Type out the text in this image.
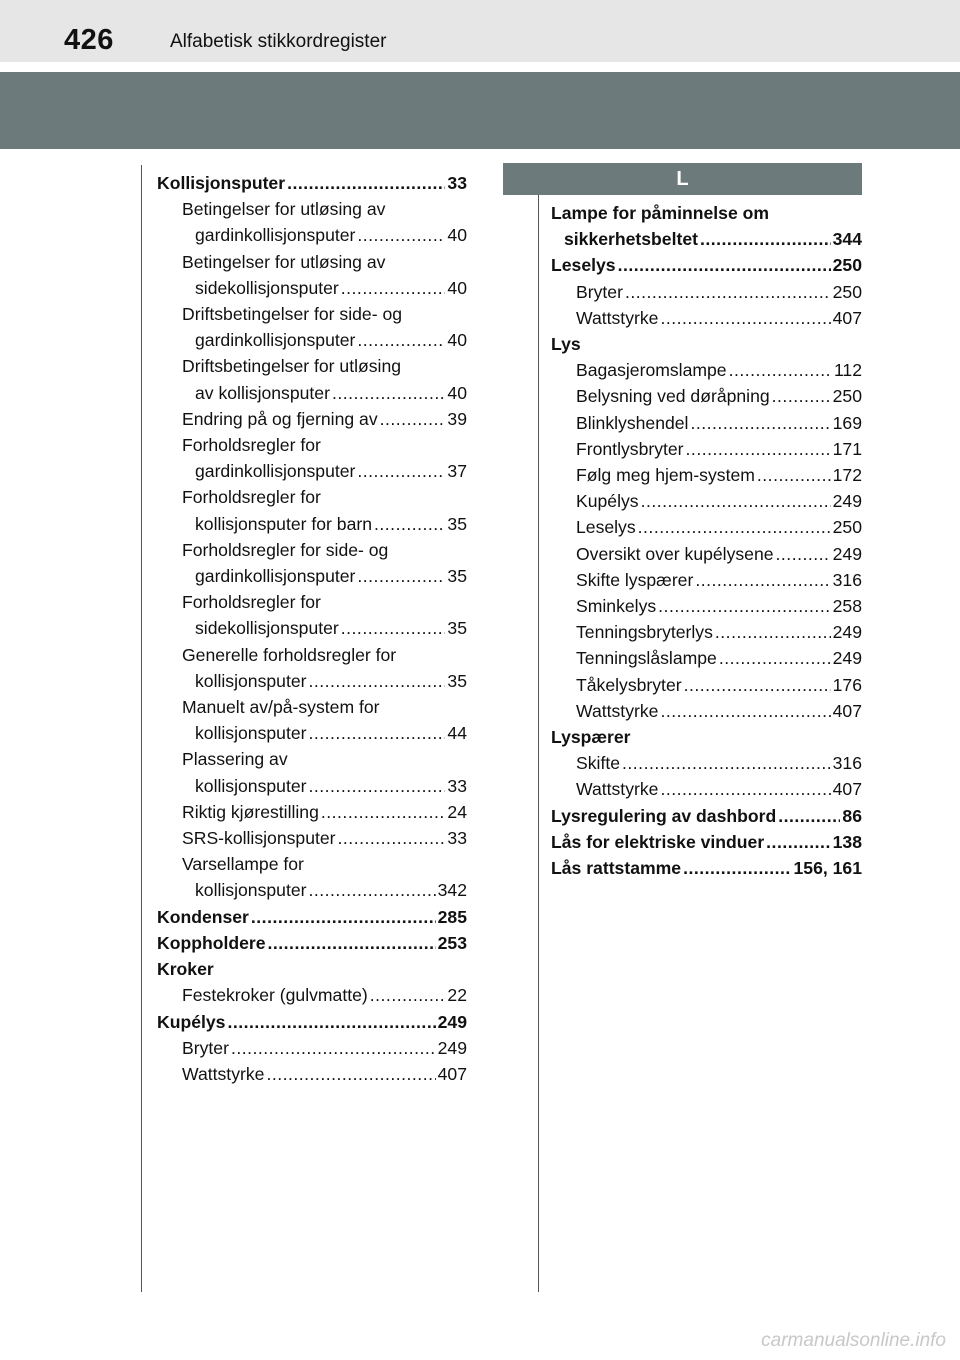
426	Alfabetisk stikkordregister
L
Kollisjonsputer .....	33
Betingelser for utløsing av
gardinkollisjonsputer .....	40
Betingelser for utløsing av
sidekollisjonsputer .....	40
Driftsbetingelser for side- og
gardinkollisjonsputer .....	40
Driftsbetingelser for utløsing
av kollisjonsputer .....	40
Endring på og fjerning av .....	39
Forholdsregler for
gardinkollisjonsputer .....	37
Forholdsregler for
kollisjonsputer for barn .....	35
Forholdsregler for side- og
gardinkollisjonsputer .....	35
Forholdsregler for
sidekollisjonsputer .....	35
Generelle forholdsregler for
kollisjonsputer .....	35
Manuelt av/på-system for
kollisjonsputer .....	44
Plassering av
kollisjonsputer .....	33
Riktig kjørestilling .....	24
SRS-kollisjonsputer .....	33
Varsellampe for
kollisjonsputer .....	342
Kondenser .....	285
Koppholdere .....	253
Kroker
Festekroker (gulvmatte) .....	22
Kupélys .....	249
Bryter .....	249
Wattstyrke .....	407
Lampe for påminnelse om
sikkerhetsbeltet .....	344
Leselys .....	250
Bryter .....	250
Wattstyrke .....	407
Lys
Bagasjeromslampe .....	112
Belysning ved døråpning .....	250
Blinklyshendel .....	169
Frontlysbryter .....	171
Følg meg hjem-system .....	172
Kupélys .....	249
Leselys .....	250
Oversikt over kupélysene .....	249
Skifte lyspærer .....	316
Sminkelys .....	258
Tenningsbryterlys .....	249
Tenningslåslampe .....	249
Tåkelysbryter .....	176
Wattstyrke .....	407
Lyspærer
Skifte .....	316
Wattstyrke .....	407
Lysregulering av dashbord .....	86
Lås for elektriske vinduer .....	138
Lås rattstamme .....	156, 161
carmanualsonline.info
